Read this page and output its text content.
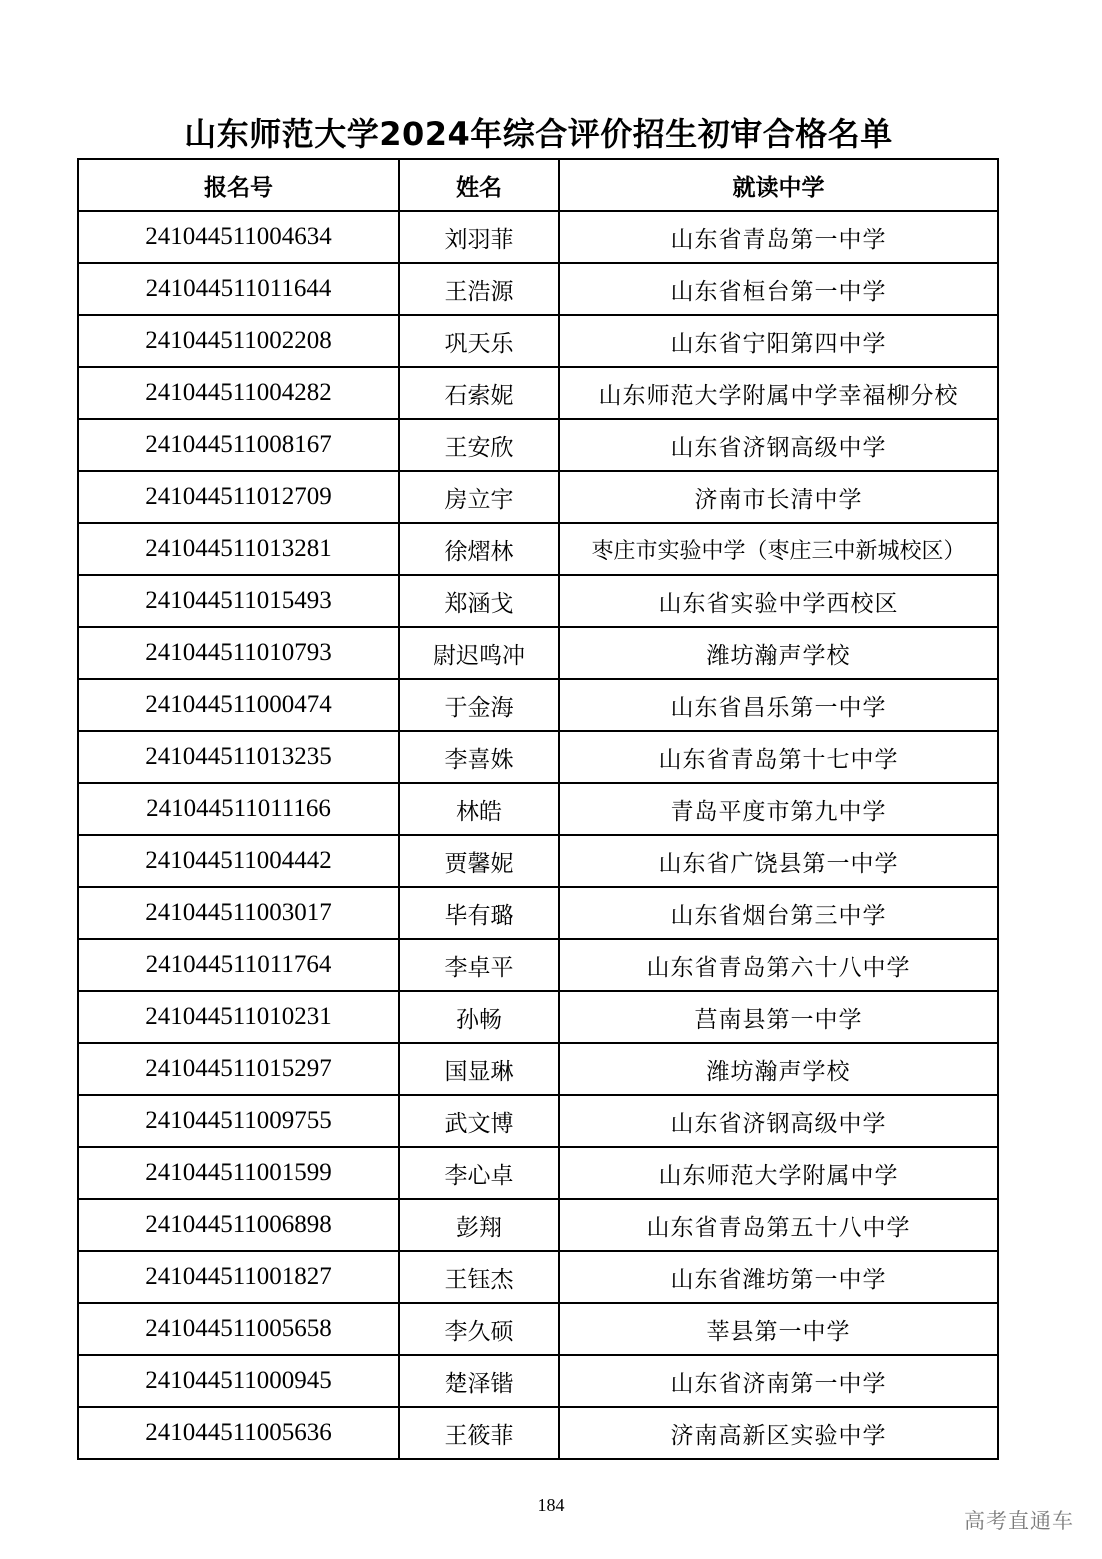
山东师范大学2024年综合评价招生初审合格名单
报名号	姓名	就读中学
241044511004634	刘羽菲	山东省青岛第一中学
241044511011644	王浩源	山东省桓台第一中学
241044511002208	巩天乐	山东省宁阳第四中学
241044511004282	石索妮	山东师范大学附属中学幸福柳分校
241044511008167	王安欣	山东省济钢高级中学
241044511012709	房立宇	济南市长清中学
241044511013281	徐熠林	枣庄市实验中学（枣庄三中新城校区）
241044511015493	郑涵戈	山东省实验中学西校区
241044511010793	尉迟鸣冲	潍坊瀚声学校
241044511000474	于金海	山东省昌乐第一中学
241044511013235	李喜姝	山东省青岛第十七中学
241044511011166	林皓	青岛平度市第九中学
241044511004442	贾馨妮	山东省广饶县第一中学
241044511003017	毕有璐	山东省烟台第三中学
241044511011764	李卓平	山东省青岛第六十八中学
241044511010231	孙畅	莒南县第一中学
241044511015297	国显琳	潍坊瀚声学校
241044511009755	武文博	山东省济钢高级中学
241044511001599	李心卓	山东师范大学附属中学
241044511006898	彭翔	山东省青岛第五十八中学
241044511001827	王钰杰	山东省潍坊第一中学
241044511005658	李久硕	莘县第一中学
241044511000945	楚泽锴	山东省济南第一中学
241044511005636	王筱菲	济南高新区实验中学
184
高考直通车
